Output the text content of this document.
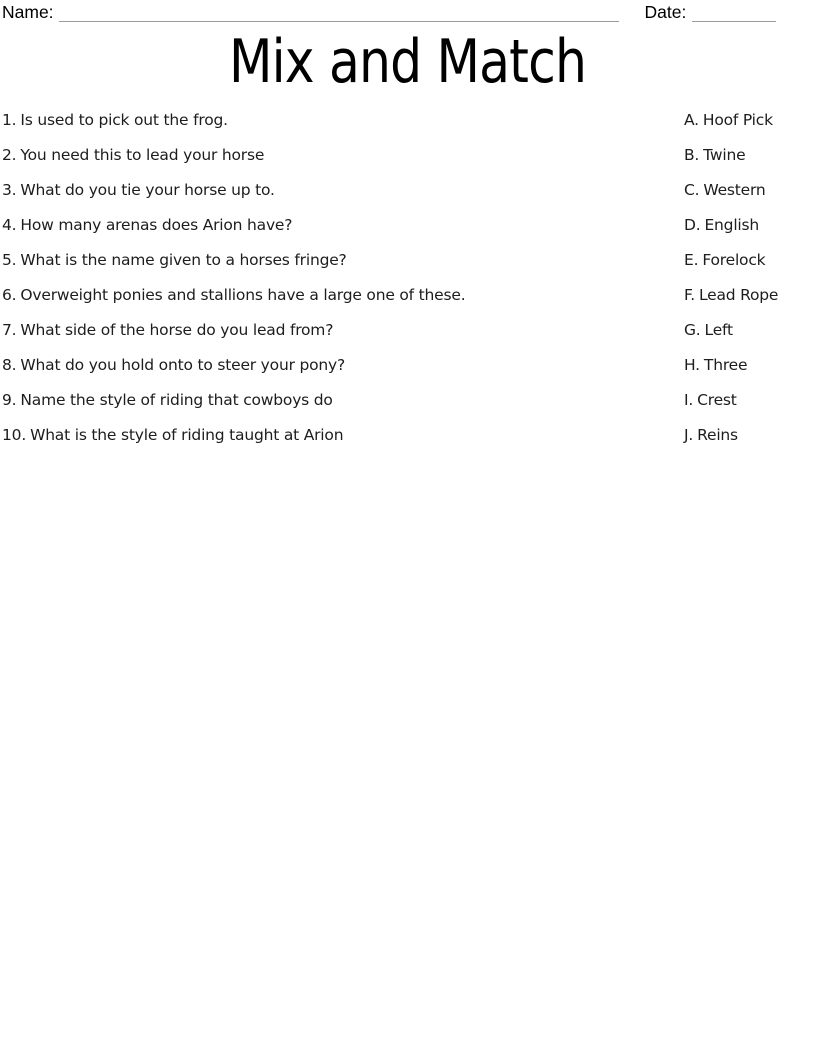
Name:	Date:
Mix and Match
1. Is used to pick out the frog.
2. You need this to lead your horse
3. What do you tie your horse up to.
4. How many arenas does Arion have?
5. What is the name given to a horses fringe?
6. Overweight ponies and stallions have a large one of these.
7. What side of the horse do you lead from?
8. What do you hold onto to steer your pony?
9. Name the style of riding that cowboys do
10. What is the style of riding taught at Arion
A. Hoof Pick
B. Twine
C. Western
D. English
E. Forelock
F. Lead Rope
G. Left
H. Three
I. Crest
J. Reins
